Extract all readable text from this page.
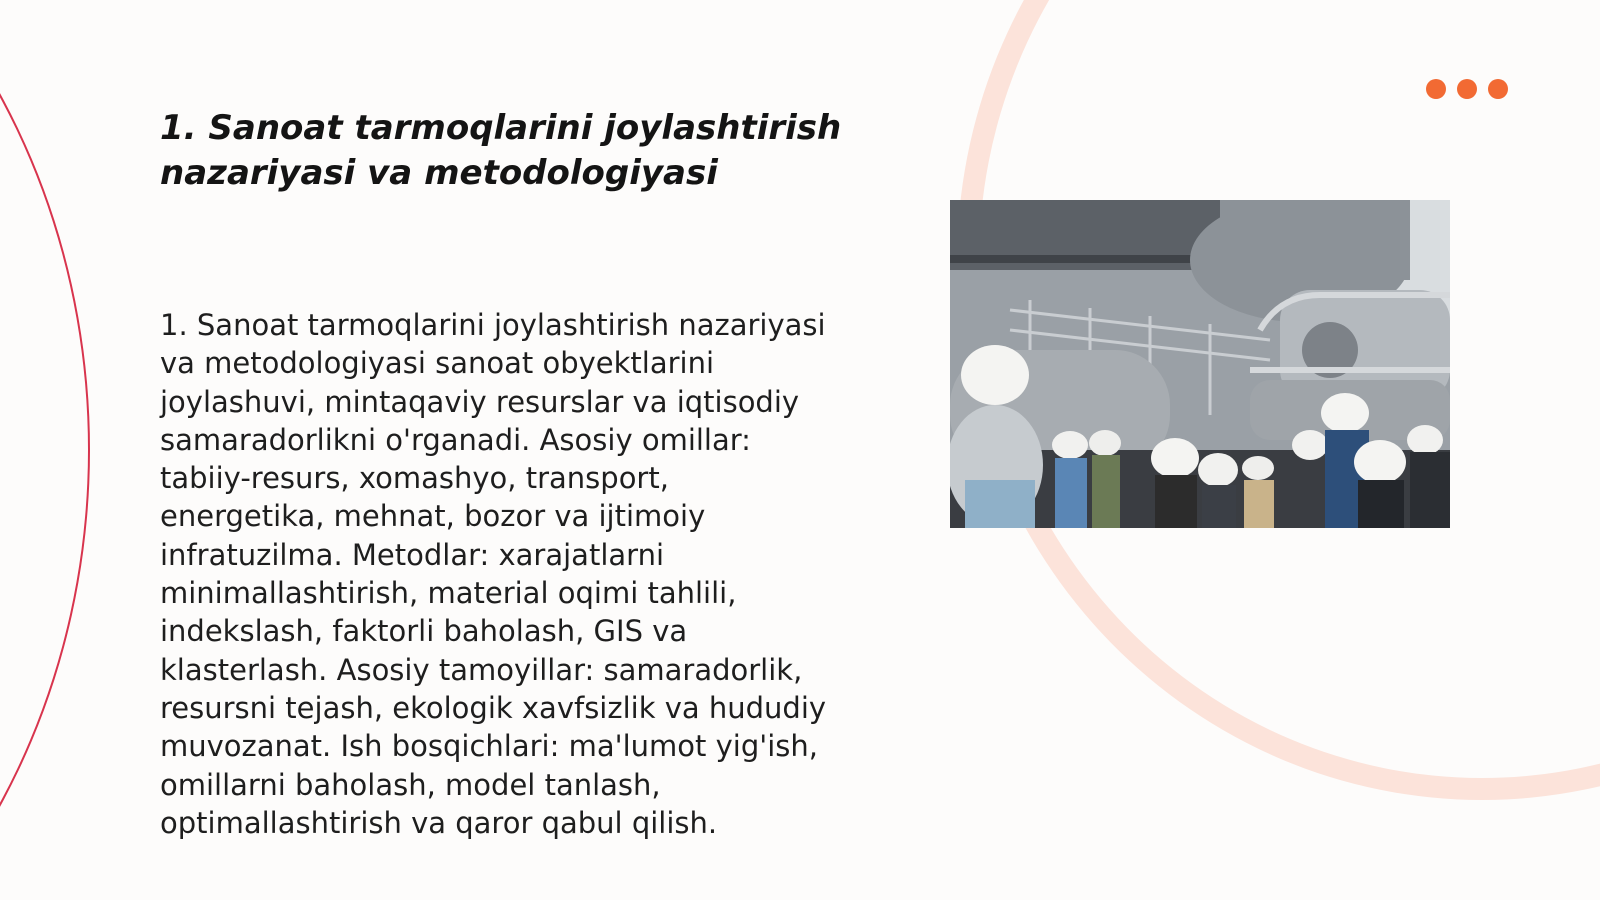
1. Sanoat tarmoqlarini joylashtirish nazariyasi va metodologiyasi

1. Sanoat tarmoqlarini joylashtirish nazariyasi va metodologiyasi sanoat obyektlarini joylashuvi, mintaqaviy resurslar va iqtisodiy samaradorlikni o'rganadi. Asosiy omillar: tabiiy-resurs, xomashyo, transport, energetika, mehnat, bozor va ijtimoiy infratuzilma. Metodlar: xarajatlarni minimallashtirish, material oqimi tahlili, indekslash, faktorli baholash, GIS va klasterlash. Asosiy tamoyillar: samaradorlik, resursni tejash, ekologik xavfsizlik va hududiy muvozanat. Ish bosqichlari: ma'lumot yig'ish, omillarni baholash, model tanlash, optimallashtirish va qaror qabul qilish.
